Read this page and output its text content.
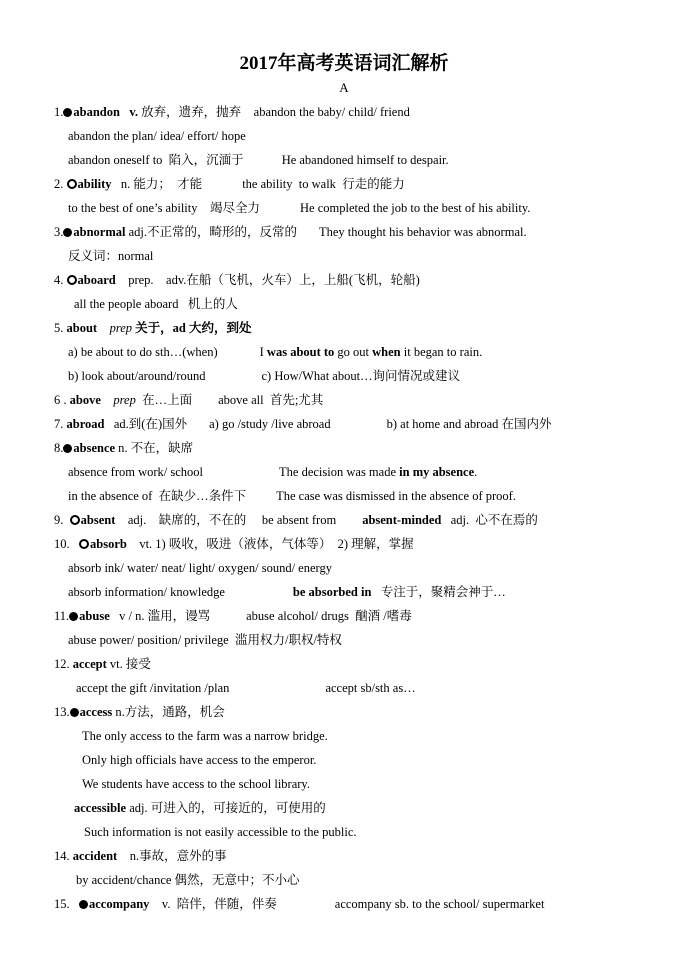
2017年高考英语词汇解析
A
1. abandon v. 放弃，遗弃，抛弃 abandon the baby/ child/ friend
abandon the plan/ idea/ effort/ hope
abandon oneself to 陷入，沉湎于	He abandoned himself to despair.
2. ability n. 能力；　才能	the ability to walk 行走的能力
to the best of one’s ability 竭尽全力	He completed the job to the best of his ability.
3. abnormal adj.不正常的，畸形的，反常的 They thought his behavior was abnormal.
反义词：normal
4. aboard prep. adv.在船（飞机，火车）上，上船(飞机，轮船)
all the people aboard 机上的人
5. about prep 关于，ad 大约，到处
a) be about to do sth…(when)	I was about to go out when it began to rain.
b) look about/around/round	c) How/What about…询问情况或建议
6 . above prep 在…上面 above all 首先;尤其
7. abroad ad.到(在)国外 a) go /study /live abroad	b) at home and abroad 在国内外
8. absence n. 不在，缺席
absence from work/ school	The decision was made in my absence.
in the absence of 在缺少…条件下 The case was dismissed in the absence of proof.
9. absent adj. 缺席的，不在的 be absent from absent-minded adj. 心不在焉的
10. absorb vt. 1) 吸收，吸进（液体，气体等）　2) 理解，掌握
absorb ink/ water/ neat/ light/ oxygen/ sound/ energy
absorb information/ knowledge	be absorbed in 专注于，聚精会神于…
11. abuse v / n. 滥用，谩骂	abuse alcohol/ drugs 酗酒 /嗜毒
abuse power/ position/ privilege 滥用权力/职权/特权
12. accept vt. 接受
accept the gift /invitation /plan	accept sb/sth as…
13. access n.方法，通路，机会
The only access to the farm was a narrow bridge.
Only high officials have access to the emperor.
We students have access to the school library.
accessible adj. 可进入的，可接近的，可使用的
Such information is not easily accessible to the public.
14. accident n.事故，意外的事
by accident/chance 偶然，无意中；不小心
15. accompany v. 陪伴，伴随，伴奏	accompany sb. to the school/ supermarket
